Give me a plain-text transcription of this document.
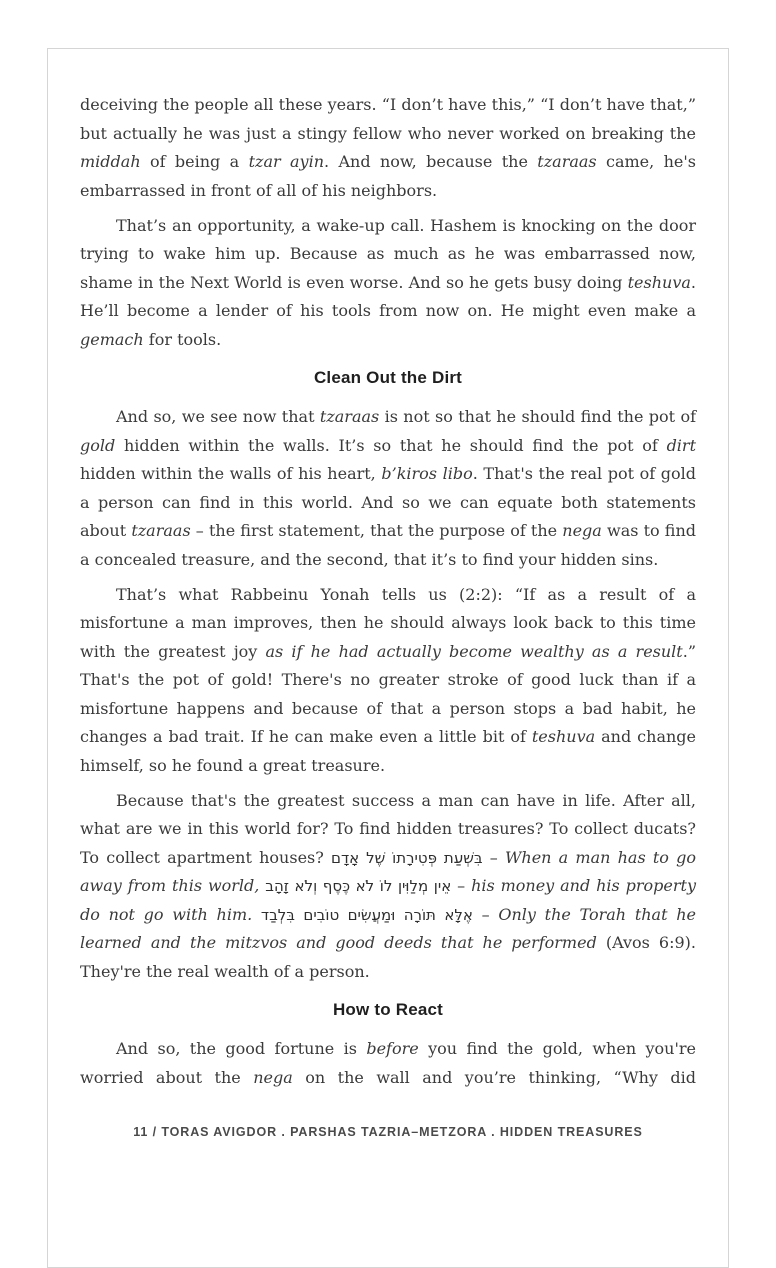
deceiving the people all these years. “I don’t have this,” “I don’t have that,” but actually he was just a stingy fellow who never worked on breaking the middah of being a tzar ayin. And now, because the tzaraas came, he's embarrassed in front of all of his neighbors.

That’s an opportunity, a wake-up call. Hashem is knocking on the door trying to wake him up. Because as much as he was embarrassed now, shame in the Next World is even worse. And so he gets busy doing teshuva. He’ll become a lender of his tools from now on. He might even make a gemach for tools.

Clean Out the Dirt

And so, we see now that tzaraas is not so that he should find the pot of gold hidden within the walls. It’s so that he should find the pot of dirt hidden within the walls of his heart, b’kiros libo. That's the real pot of gold a person can find in this world. And so we can equate both statements about tzaraas – the first statement, that the purpose of the nega was to find a concealed treasure, and the second, that it’s to find your hidden sins.

That’s what Rabbeinu Yonah tells us (2:2): “If as a result of a misfortune a man improves, then he should always look back to this time with the greatest joy as if he had actually become wealthy as a result.” That's the pot of gold! There's no greater stroke of good luck than if a misfortune happens and because of that a person stops a bad habit, he changes a bad trait. If he can make even a little bit of teshuva and change himself, so he found a great treasure.

Because that's the greatest success a man can have in life. After all, what are we in this world for? To find hidden treasures? To collect ducats? To collect apartment houses? בִּשְׁעַת פְּטִירָתוֹ שֶׁל אָדָם – When a man has to go away from this world, אֵין מְלַוִּין לוֹ לֹא כֶּסֶף וְלֹא זָהָב – his money and his property do not go with him. אֶלָּא תּוֹרָה וּמַעֲשִׂים טוֹבִים בִּלְבַד – Only the Torah that he learned and the mitzvos and good deeds that he performed (Avos 6:9). They're the real wealth of a person.

How to React

And so, the good fortune is before you find the gold, when you're worried about the nega on the wall and you’re thinking, “Why did

11 / TORAS AVIGDOR . PARSHAS TAZRIA–METZORA . HIDDEN TREASURES
